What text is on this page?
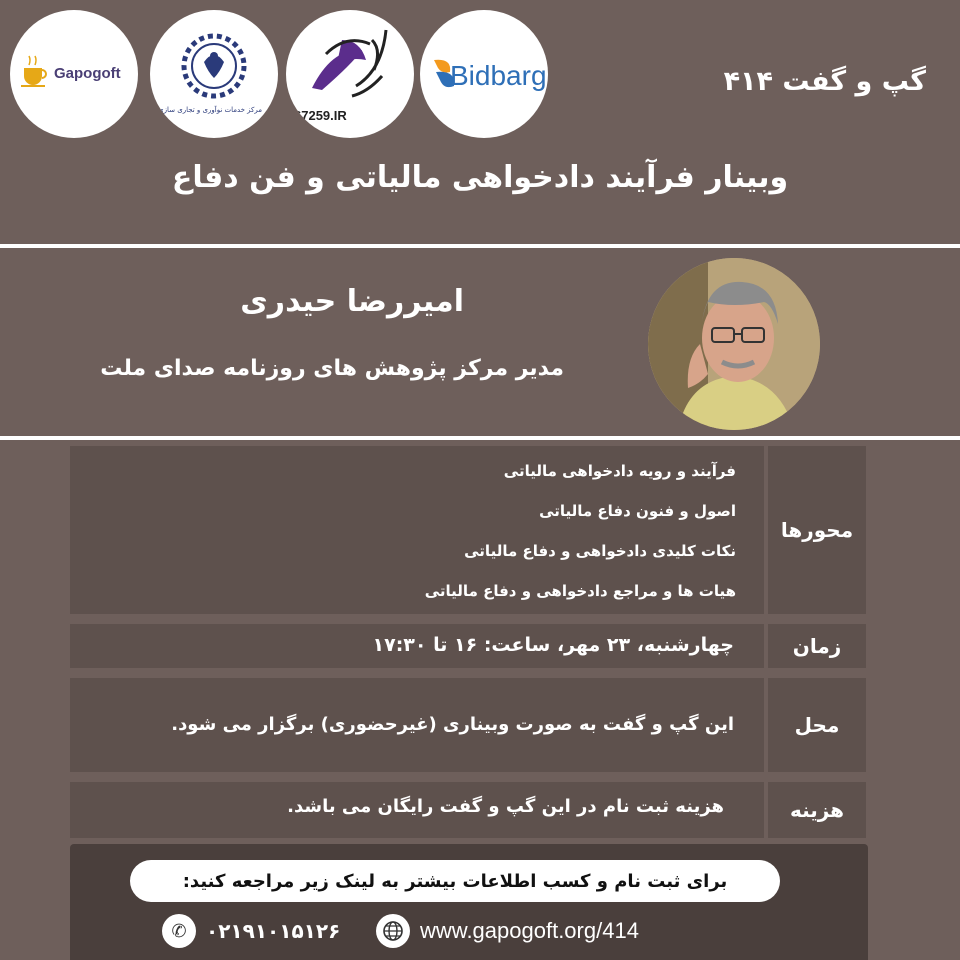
Gapogoft
مرکز خدمات نوآوری و تجاری سازی 67259.IR
Bidbarg	گپ و گفت ۴۱۴
وبینار فرآیند دادخواهی مالیاتی و فن دفاع
امیررضا حیدری
مدیر مرکز پژوهش های روزنامه صدای ملت
محورها
فرآیند و رویه دادخواهی مالیاتی
اصول و فنون دفاع مالیاتی
نکات کلیدی دادخواهی و دفاع مالیاتی
هیات ها و مراجع دادخواهی و دفاع مالیاتی
زمان
چهارشنبه، ۲۳ مهر، ساعت: ۱۶ تا ۱۷:۳۰
محل
این گپ و گفت به صورت وبیناری (غیرحضوری) برگزار می شود.
هزینه
هزینه ثبت نام در این گپ و گفت رایگان می باشد.
برای ثبت نام و کسب اطلاعات بیشتر به لینک زیر مراجعه کنید:
✆ ۰۲۱۹۱۰۱۵۱۲۶	www.gapogoft.org/414
